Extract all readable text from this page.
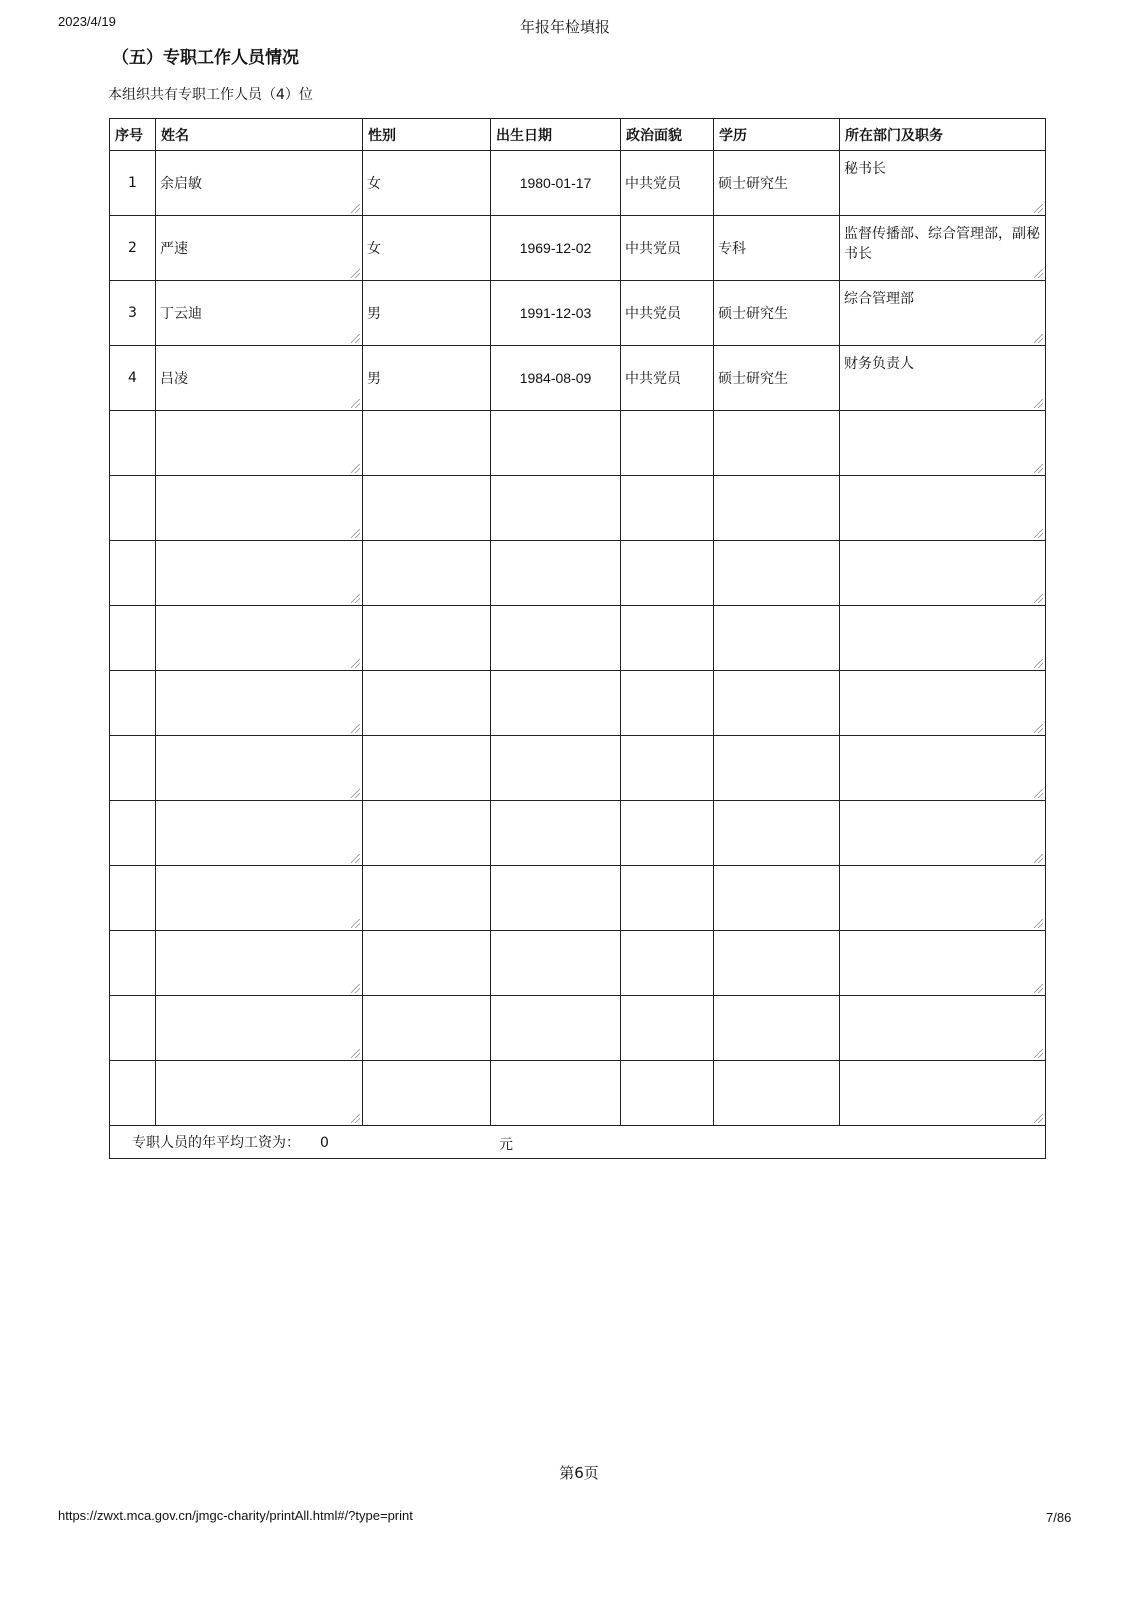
2023/4/19	年报年检填报
（五）专职工作人员情况
本组织共有专职工作人员（4）位
序号	姓名	性别	出生日期	政治面貌	学历	所在部门及职务
1	余启敏	女	1980-01-17	中共党员	硕士研究生	秘书长

2	严速	女	1969-12-02	中共党员	专科	监督传播部、综合管理部，副秘书长

3	丁云迪	男	1991-12-03	中共党员	硕士研究生	综合管理部

4	吕凌	男	1984-08-09	中共党员	硕士研究生	财务负责人

专职人员的年平均工资为： 0 元						
第6页
https://zwxt.mca.gov.cn/jmgc-charity/printAll.html#/?type=print	7/86
